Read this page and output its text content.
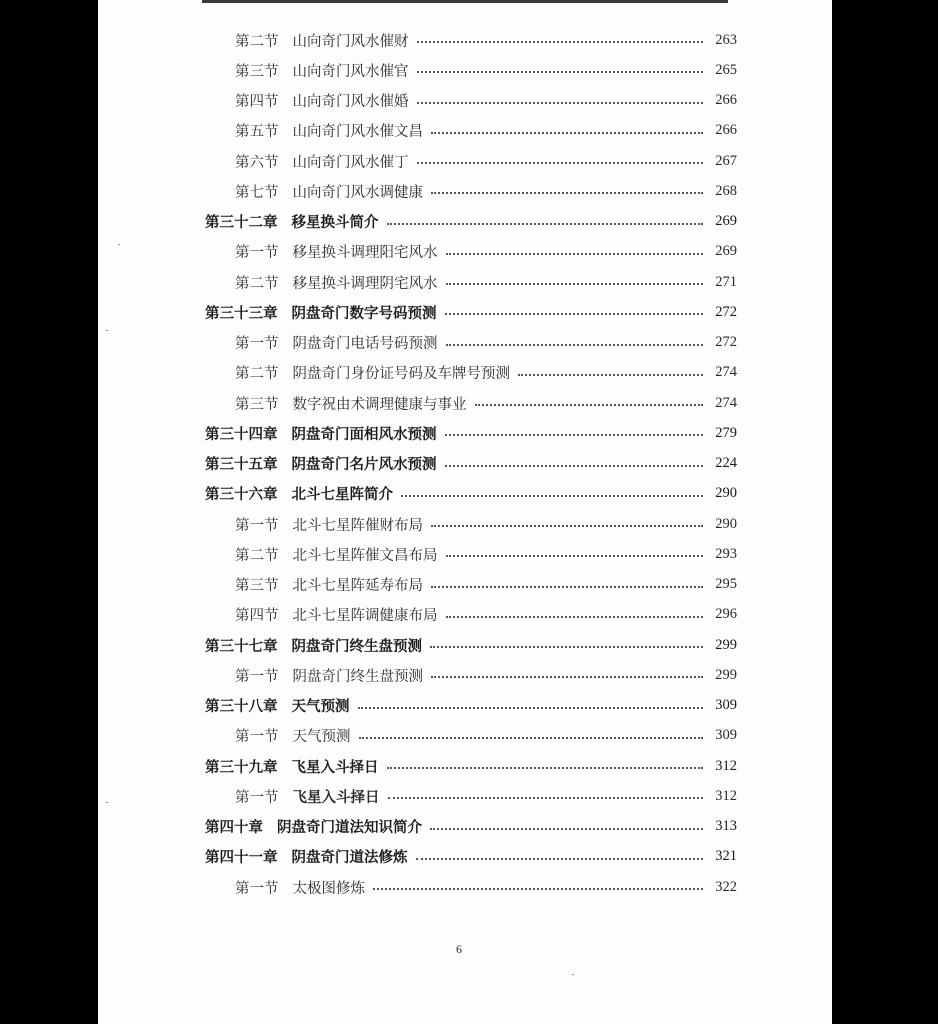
第二节 山向奇门风水催财	263
第三节 山向奇门风水催官	265
第四节 山向奇门风水催婚	266
第五节 山向奇门风水催文昌	266
第六节 山向奇门风水催丁	267
第七节 山向奇门风水调健康	268
第三十二章 移星换斗简介	269
第一节 移星换斗调理阳宅风水	269
第二节 移星换斗调理阴宅风水	271
第三十三章 阴盘奇门数字号码预测	272
第一节 阴盘奇门电话号码预测	272
第二节 阴盘奇门身份证号码及车牌号预测	274
第三节 数字祝由术调理健康与事业	274
第三十四章 阴盘奇门面相风水预测	279
第三十五章 阴盘奇门名片风水预测	224
第三十六章 北斗七星阵简介	290
第一节 北斗七星阵催财布局	290
第二节 北斗七星阵催文昌布局	293
第三节 北斗七星阵延寿布局	295
第四节 北斗七星阵调健康布局	296
第三十七章 阴盘奇门终生盘预测	299
第一节 阴盘奇门终生盘预测	299
第三十八章 天气预测	309
第一节 天气预测	309
第三十九章 飞星入斗择日	312
第一节 飞星入斗择日	312
第四十章 阴盘奇门道法知识简介	313
第四十一章 阴盘奇门道法修炼	321
第一节 太极图修炼	322
6
